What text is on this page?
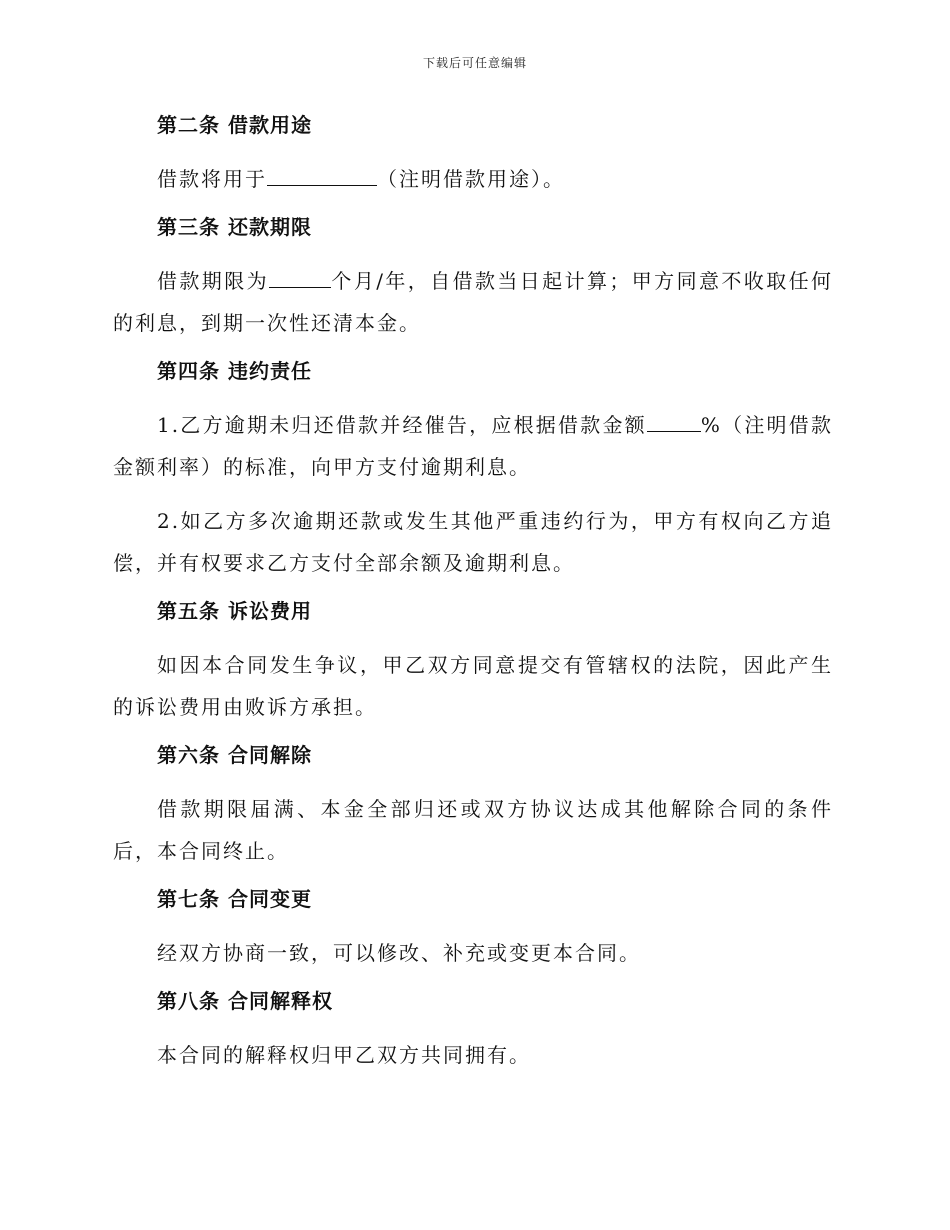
下载后可任意编辑
第二条 借款用途
借款将用于	（注明借款用途）。
第三条 还款期限
借款期限为	个月/年，自借款当日起计算；甲方同意不收取任何的利息，到期一次性还清本金。
第四条 违约责任
1.乙方逾期未归还借款并经催告，应根据借款金额	%（注明借款金额利率）的标准，向甲方支付逾期利息。
2.如乙方多次逾期还款或发生其他严重违约行为，甲方有权向乙方追偿，并有权要求乙方支付全部余额及逾期利息。
第五条 诉讼费用
如因本合同发生争议，甲乙双方同意提交有管辖权的法院，因此产生的诉讼费用由败诉方承担。
第六条 合同解除
借款期限届满、本金全部归还或双方协议达成其他解除合同的条件后，本合同终止。
第七条 合同变更
经双方协商一致，可以修改、补充或变更本合同。
第八条 合同解释权
本合同的解释权归甲乙双方共同拥有。
